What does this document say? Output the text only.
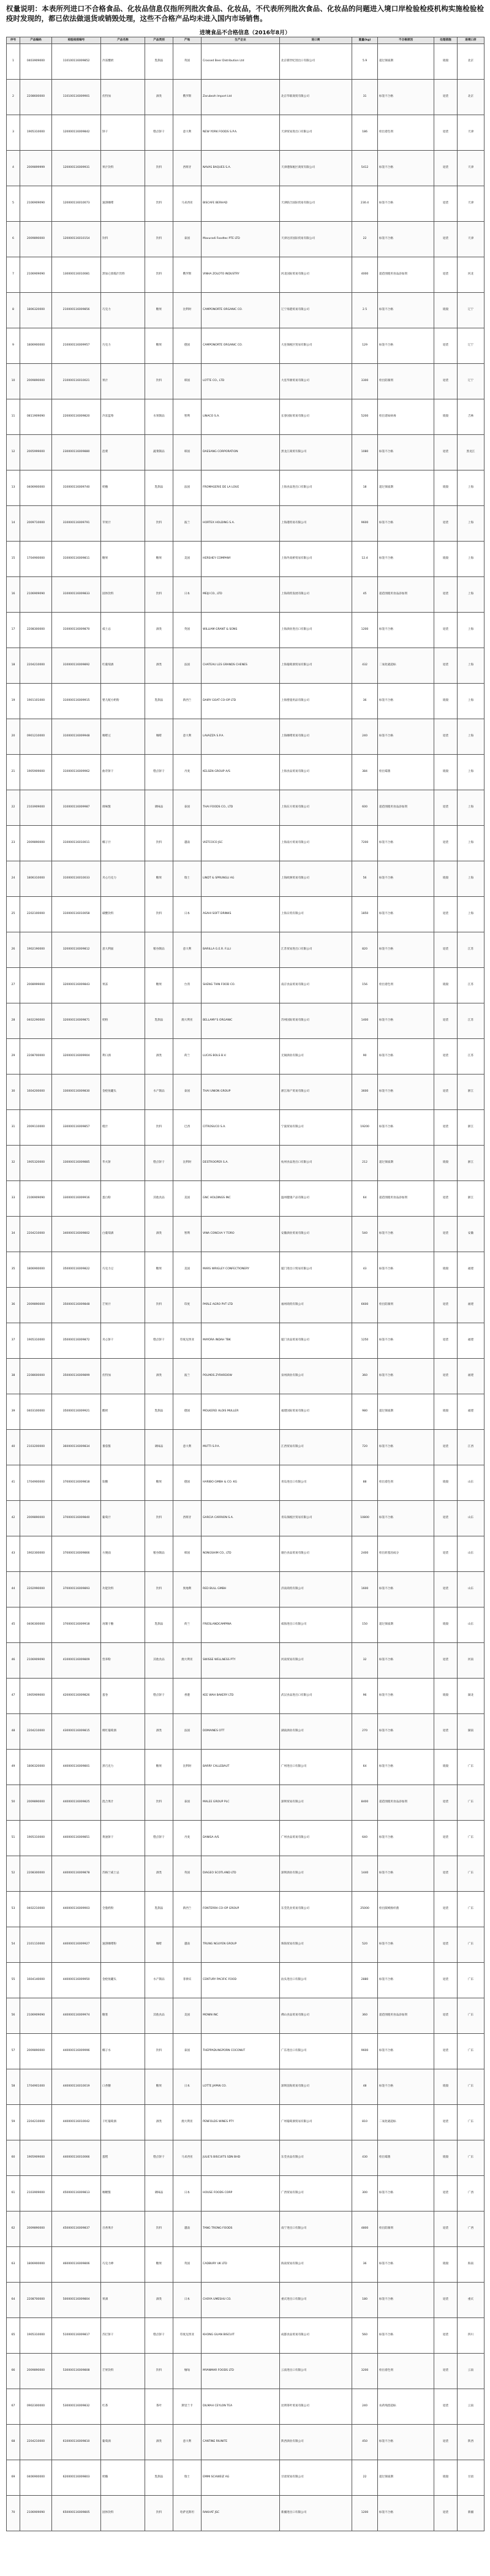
权量说明：本表所列进口不合格食品、化妆品信息仅指所列批次食品、化妆品，不代表所列批次食品、化妆品的问题进入境口岸检验检疫机构实施检验检疫时发现的，都已依法做退货或销毁处理，这些不合格产品均未进入国内市场销售。
进境食品不合格信息（2016年8月）
序号	产品编码	检验检疫编号	产品名称	产品类别	产地	生产企业	进口商	重量(kg)	不合格原因	处理措施	进境口岸
1	0403909000	110100116009852	冷冻酸奶	乳制品	英国	Crossed Beer Distribution Ltd	北京新世纪进出口有限公司	5.9	超过保质期	销毁	北京
2	2208600000	110100116009901	伏特加	酒类	俄罗斯	Zarubezh Import Ltd	北京华联商贸有限公司	31	标签不合格	退货	北京
3	1905310000	120000116009842	饼干	糕点饼干	意大利	NEW YORK FOODS S.P.A.	天津贸易进出口有限公司	186	检出着色剂	退货	天津
4	2009899999	120000116009931	果汁饮料	饮料	西班牙	NAVAS BAQUES S.A.	天津港保税区商贸有限公司	5412	标签不合格	退货	天津
5	2106909090	120000116010073	速溶咖啡	饮料	马来西亚	BISCAFE BERHAD	天津联合国际贸易有限公司	230.4	标签不合格	退货	天津
6	2009890000	120000116010154	饮料	饮料	泰国	Mavuradi Foodtec PTE LTD	天津达洋国际贸易有限公司	22	标签不合格	退货	天津
7	2106909090	130000116010081	黑加仑浓缩汁饮料	饮料	俄罗斯	VINHA ZOLOTO INDUSTRY	河北国际贸易有限公司	4000	超范围使用食品添加剂	退货	河北
8	1806320000	210000116009856	巧克力	糖果	比利时	CAMPONORTE ORGANIC CO.	辽宁海港贸易有限公司	2.5	标签不合格	销毁	辽宁
9	1806900000	210000116009957	巧克力	糖果	德国	CAMPONORTE ORGANIC CO.	大连保税区贸易有限公司	129	标签不合格	退货	辽宁
10	2009890000	210000116010021	果汁	饮料	韩国	LOTTE CO., LTD	大连华源贸易有限公司	3300	检出防腐剂	退货	辽宁
11	0811909090	220000116009820	冷冻蓝莓	水果制品	智利	LINACO S.A.	长春国际贸易有限公司	5200	检出诺如病毒	销毁	吉林
12	2005999000	230000116009880	泡菜	蔬菜制品	韩国	DAESANG CORPORATION	黑龙江商贸有限公司	1080	标签不合格	退货	黑龙江
13	0406900000	310000116009740	奶酪	乳制品	法国	FROMAGERIE DE LA LOUE	上海食品进出口有限公司	18	超过保质期	销毁	上海
14	2009710000	310000116009791	苹果汁	饮料	波兰	HORTEX HOLDING S.A.	上海港贸易有限公司	9600	标签不合格	退货	上海
15	1704900000	310000116009811	糖果	糖果	美国	HERSHEY COMPANY	上海外高桥贸易有限公司	12.4	标签不合格	销毁	上海
16	2106909090	310000116009833	固体饮料	饮料	日本	MEIJI CO., LTD	上海商贸发展有限公司	45	超范围使用食品添加剂	退货	上海
17	2208300000	310000116009870	威士忌	酒类	英国	WILLIAM GRANT & SONS	上海酒业进出口有限公司	1200	标签不合格	退货	上海
18	2204210000	310000116009892	红葡萄酒	酒类	法国	CHATEAU LES GRANDS CHENES	上海葡萄酒贸易有限公司	432	二氧化硫超标	退货	上海
19	1901101000	310000116009915	婴儿配方奶粉	乳制品	新西兰	DAIRY GOAT CO-OP LTD	上海婴童用品有限公司	36	标签不合格	销毁	上海
20	0901210000	310000116009948	咖啡豆	咖啡	意大利	LAVAZZA S.P.A.	上海咖啡贸易有限公司	240	标签不合格	退货	上海
21	1905909000	310000116009962	曲奇饼干	糕点饼干	丹麦	KELSEN GROUP A/S	上海食品贸易有限公司	384	检出霉菌	销毁	上海
22	2103909000	310000116009987	调味酱	调味品	泰国	THAI FOODS CO., LTD	上海东方贸易有限公司	600	超范围使用食品添加剂	退货	上海
23	2009890000	310000116010011	椰子汁	饮料	越南	VIETCOCO JSC	上海南方贸易有限公司	7200	标签不合格	退货	上海
24	1806310000	310000116010033	夹心巧克力	糖果	瑞士	LINDT & SPRUNGLI AG	上海欧洲贸易有限公司	56	标签不合格	销毁	上海
25	2202100000	310000116010058	碳酸饮料	饮料	日本	ASAHI SOFT DRINKS	上海日贸有限公司	1850	标签不合格	退货	上海
26	1902190000	320000116009812	意大利面	粮谷制品	意大利	BARILLA G.E.R. F.LLI	江苏贸易进出口有限公司	820	标签不合格	退货	江苏
27	2008999000	320000116009843	果冻	糖果	台湾	SHENG TIAN FOOD CO.	南京食品贸易有限公司	156	检出着色剂	销毁	江苏
28	0402290000	320000116009871	奶粉	乳制品	澳大利亚	BELLAMY'S ORGANIC	苏州国际贸易有限公司	1400	标签不合格	退货	江苏
29	2208700000	320000116009904	利口酒	酒类	荷兰	LUCAS BOLS B.V.	无锡酒业有限公司	90	标签不合格	退货	江苏
30	1604200000	330000116009830	金枪鱼罐头	水产制品	泰国	THAI UNION GROUP	浙江海产贸易有限公司	3600	标签不合格	退货	浙江
31	2009110000	330000116009857	橙汁	饮料	巴西	CITROSUCO S.A.	宁波贸易有限公司	19200	标签不合格	退货	浙江
32	1905320000	330000116009885	华夫饼	糕点饼干	比利时	DESTROOPER S.A.	杭州食品进出口有限公司	212	超过保质期	销毁	浙江
33	2106909090	330000116009916	蛋白粉	其他食品	美国	GNC HOLDINGS INC	温州健康产品有限公司	64	超范围使用食品添加剂	退货	浙江
34	2204210000	340000116009802	白葡萄酒	酒类	智利	VINA CONCHA Y TORO	安徽酒业贸易有限公司	540	标签不合格	退货	安徽
35	1806900000	350000116009822	巧克力豆	糖果	美国	MARS WRIGLEY CONFECTIONERY	厦门进出口贸易有限公司	43	标签不合格	销毁	福建
36	2009890000	350000116009848	芒果汁	饮料	印度	PARLE AGRO PVT LTD	福州商贸有限公司	6600	检出防腐剂	退货	福建
37	1905310000	350000116009872	夹心饼干	糕点饼干	印度尼西亚	MAYORA INDAH TBK	厦门食品贸易有限公司	1250	标签不合格	退货	福建
38	2208600000	350000116009899	伏特加	酒类	波兰	POLMOS ZYRARDOW	泉州酒业有限公司	360	标签不合格	退货	福建
39	0403100000	350000116009921	酸奶	乳制品	德国	MOLKEREI ALOIS MULLER	福建国际贸易有限公司	980	超过保质期	销毁	福建
40	2103200000	360000116009834	番茄酱	调味品	意大利	MUTTI S.P.A.	江西贸易有限公司	720	标签不合格	退货	江西
41	1704900000	370000116009818	软糖	糖果	德国	HARIBO GMBH & CO. KG	青岛进出口有限公司	88	检出着色剂	销毁	山东
42	2009890000	370000116009840	葡萄汁	饮料	西班牙	GARCIA CARRION S.A.	青岛保税区贸易有限公司	10800	标签不合格	退货	山东
43	1902300000	370000116009866	方便面	粮谷制品	韩国	NONGSHIM CO., LTD	烟台食品贸易有限公司	2400	检出转基因成分	退货	山东
44	2202990000	370000116009893	功能饮料	饮料	奥地利	RED BULL GMBH	济南商贸有限公司	1600	标签不合格	退货	山东
45	0406300000	370000116009918	再制干酪	乳制品	荷兰	FRIESLANDCAMPINA	威海进出口有限公司	150	超过保质期	销毁	山东
46	2106909090	410000116009809	营养粉	其他食品	澳大利亚	SWISSE WELLNESS PTY	河南贸易有限公司	32	标签不合格	退货	河南
47	1905909000	420000116009826	蛋卷	糕点饼干	香港	KEE WAH BAKERY LTD	武汉食品进出口有限公司	96	标签不合格	销毁	湖北
48	2204210000	430000116009815	桃红葡萄酒	酒类	法国	DOMAINES OTT	湖南酒业有限公司	270	标签不合格	退货	湖南
49	1806320000	440000116009801	黑巧克力	糖果	比利时	BARRY CALLEBAUT	广州进出口有限公司	64	标签不合格	销毁	广东
50	2009890000	440000116009825	混合果汁	饮料	泰国	MALEE GROUP PLC	深圳贸易有限公司	8400	超范围使用食品添加剂	退货	广东
51	1905310000	440000116009851	黄油饼干	糕点饼干	丹麦	DANISA A/S	广州食品贸易有限公司	640	标签不合格	退货	广东
52	2208300000	440000116009878	苏格兰威士忌	酒类	英国	DIAGEO SCOTLAND LTD	深圳酒业有限公司	1440	标签不合格	退货	广东
53	0402210000	440000116009903	全脂奶粉	乳制品	新西兰	FONTERRA CO-OP GROUP	东莞乳业贸易有限公司	25000	检出阪崎肠杆菌	退货	广东
54	2101110000	440000116009927	速溶咖啡粉	咖啡	越南	TRUNG NGUYEN GROUP	珠海贸易有限公司	520	标签不合格	退货	广东
55	1604140000	440000116009950	金枪鱼罐头	水产制品	菲律宾	CENTURY PACIFIC FOOD	汕头进出口有限公司	2880	标签不合格	退货	广东
56	2106909090	440000116009974	糖浆	其他食品	美国	MONIN INC	佛山食品贸易有限公司	360	超范围使用食品添加剂	退货	广东
57	2009890000	440000116009996	椰子水	饮料	泰国	THEPPADUNGPORN COCONUT	广东进出口有限公司	9600	标签不合格	退货	广东
58	1704901000	440000116010019	口香糖	糖果	日本	LOTTE JAPAN CO.	深圳前海贸易有限公司	48	标签不合格	销毁	广东
59	2204210000	440000116010042	干红葡萄酒	酒类	澳大利亚	PENFOLDS WINES PTY	广州葡萄酒贸易有限公司	810	二氧化硫超标	退货	广东
60	1905909000	440000116010066	蛋糕	糕点饼干	马来西亚	JULIE'S BISCUITS SDN BHD	东莞食品有限公司	430	检出霉菌	销毁	广东
61	2103909000	450000116009813	咖喱酱	调味品	日本	HOUSE FOODS CORP	广西贸易有限公司	300	标签不合格	退货	广西
62	2009890000	450000116009837	百香果汁	饮料	越南	TANG TRONG FOODS	南宁进出口有限公司	4800	检出防腐剂	退货	广西
63	1806900000	460000116009806	巧克力棒	糖果	英国	CADBURY UK LTD	海南贸易有限公司	36	标签不合格	销毁	海南
64	2208700000	500000116009804	果酒	酒类	日本	CHOYA UMESHU CO.	重庆进出口有限公司	180	标签不合格	退货	重庆
65	1905310000	510000116009817	苏打饼干	糕点饼干	印度尼西亚	KHONG GUAN BISCUIT	成都食品贸易有限公司	560	标签不合格	退货	四川
66	2009890000	530000116009808	芒果饮料	饮料	缅甸	MYANMAR FOODS LTD	云南进出口有限公司	3200	检出着色剂	退货	云南
67	0902300000	530000116009832	红茶	茶叶	斯里兰卡	DILMAH CEYLON TEA	昆明茶叶贸易有限公司	240	农药残留超标	退货	云南
68	2204210000	610000116009810	葡萄酒	酒类	意大利	CANTINE RIUNITE	陕西酒业有限公司	450	标签不合格	退货	陕西
69	0406900000	620000116009803	奶酪	乳制品	瑞士	EMMI SCHWEIZ AG	甘肃贸易有限公司	22	超过保质期	销毁	甘肃
70	2106909090	650000116009805	固体饮料	饮料	哈萨克斯坦	RAKHAT JSC	新疆进出口有限公司	1200	标签不合格	退货	新疆
